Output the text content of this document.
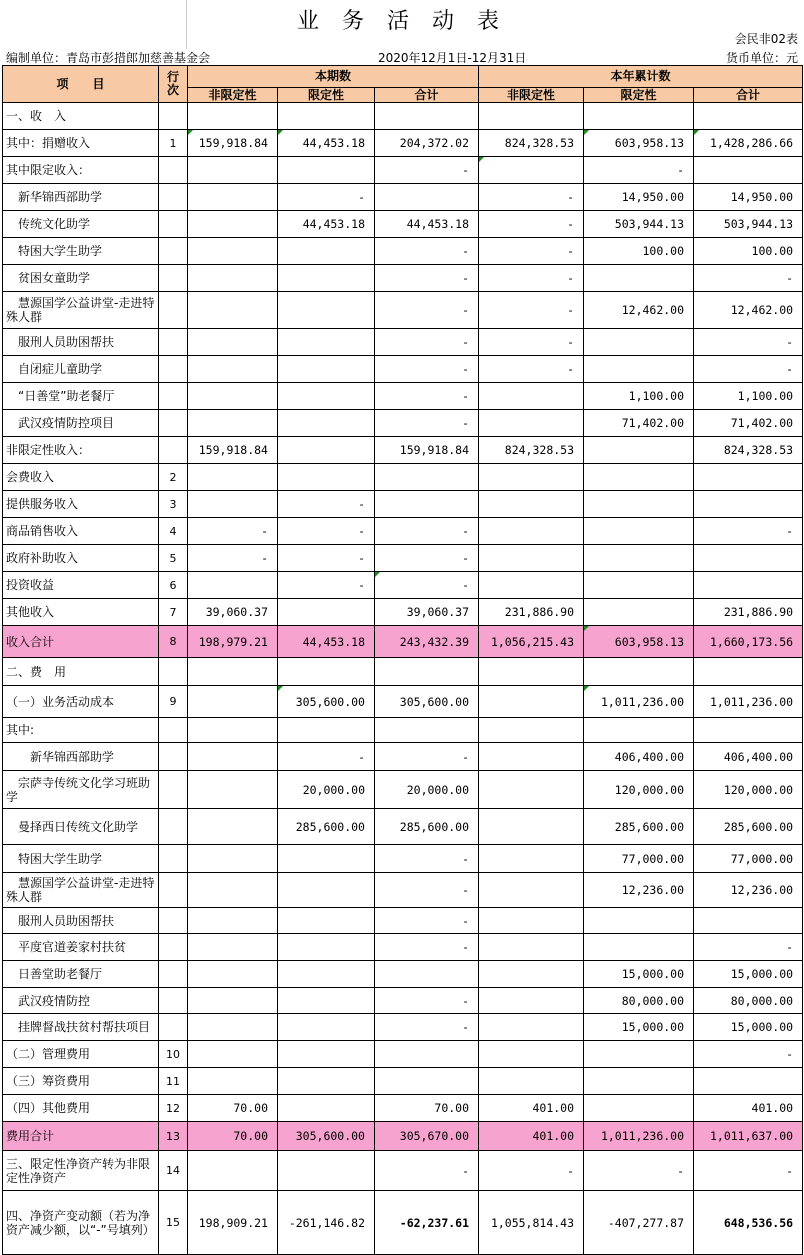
业 务 活 动 表
会民非02表
编制单位：青岛市彭措郎加慈善基金会	2020年12月1日-12月31日	货币单位：元
项　　目	行次	本期数			本年累计数		
		非限定性	限定性	合计	非限定性	限定性	合计
一、收　入							
其中：捐赠收入	1	159,918.84	44,453.18	204,372.02	824,328.53	603,958.13	1,428,286.66
其中限定收入：				-		-	
　新华锦西部助学			-		-	14,950.00	14,950.00
　传统文化助学			44,453.18	44,453.18	-	503,944.13	503,944.13
　特困大学生助学				-	-	100.00	100.00
　贫困女童助学				-	-		-
　慧源国学公益讲堂-走进特殊人群				-	-	12,462.00	12,462.00
　服刑人员助困帮扶				-	-		-
　自闭症儿童助学				-	-		-
　“日善堂”助老餐厅				-		1,100.00	1,100.00
　武汉疫情防控项目				-		71,402.00	71,402.00
非限定性收入：		159,918.84		159,918.84	824,328.53		824,328.53
会费收入	2						
提供服务收入	3		-				
商品销售收入	4	-	-	-			-
政府补助收入	5	-	-	-			
投资收益	6		-	-			
其他收入	7	39,060.37		39,060.37	231,886.90		231,886.90
收入合计	8	198,979.21	44,453.18	243,432.39	1,056,215.43	603,958.13	1,660,173.56
二、费　用							
（一）业务活动成本	9		305,600.00	305,600.00		1,011,236.00	1,011,236.00
其中:							
　　新华锦西部助学			-	-		406,400.00	406,400.00
　宗萨寺传统文化学习班助学			20,000.00	20,000.00		120,000.00	120,000.00
　曼择西日传统文化助学			285,600.00	285,600.00		285,600.00	285,600.00
　特困大学生助学				-		77,000.00	77,000.00
　慧源国学公益讲堂-走进特殊人群				-		12,236.00	12,236.00
　服刑人员助困帮扶				-			
　平度官道姜家村扶贫				-			-
　日善堂助老餐厅						15,000.00	15,000.00
　武汉疫情防控				-		80,000.00	80,000.00
　挂牌督战扶贫村帮扶项目				-		15,000.00	15,000.00
（二）管理费用	10						-
（三）筹资费用	11						
（四）其他费用	12	70.00		70.00	401.00		401.00
费用合计	13	70.00	305,600.00	305,670.00	401.00	1,011,236.00	1,011,637.00
三、限定性净资产转为非限定性净资产	14			-	-	-	-
四、净资产变动额（若为净资产减少额，以“-”号填列）	15	198,909.21	-261,146.82	-62,237.61	1,055,814.43	-407,277.87	648,536.56
